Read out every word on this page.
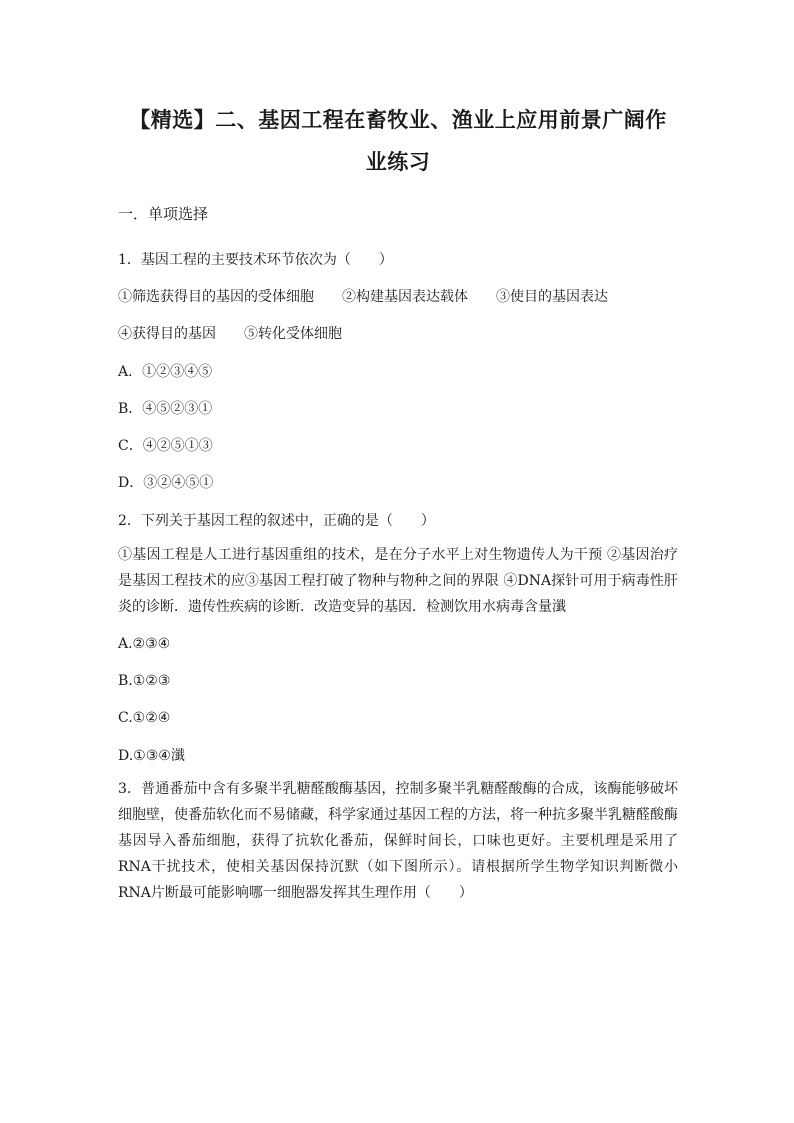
【精选】二、基因工程在畜牧业、渔业上应用前景广阔作
业练习
一．单项选择
1．基因工程的主要技术环节依次为（　　）
①筛选获得目的基因的受体细胞 ②构建基因表达载体 ③使目的基因表达
④获得目的基因 ⑤转化受体细胞
A．①②③④⑤
B．④⑤②③①
C．④②⑤①③
D．③②④⑤①
2．下列关于基因工程的叙述中，正确的是（　　）
①基因工程是人工进行基因重组的技术，是在分子水平上对生物遗传人为干预 ②基因治疗是基因工程技术的应③基因工程打破了物种与物种之间的界限 ④DNA探针可用于病毒性肝炎的诊断．遗传性疾病的诊断．改造变异的基因．检测饮用水病毒含量瀸
A.②③④
B.①②③
C.①②④
D.①③④瀸
3．普通番茄中含有多聚半乳糖醛酸酶基因，控制多聚半乳糖醛酸酶的合成，该酶能够破坏细胞壁，使番茄软化而不易储藏，科学家通过基因工程的方法，将一种抗多聚半乳糖醛酸酶基因导入番茄细胞，获得了抗软化番茄，保鲜时间长，口味也更好。主要机理是采用了RNA干扰技术，使相关基因保持沉默（如下图所示）。请根据所学生物学知识判断微小RNA片断最可能影响哪一细胞器发挥其生理作用（　　）
